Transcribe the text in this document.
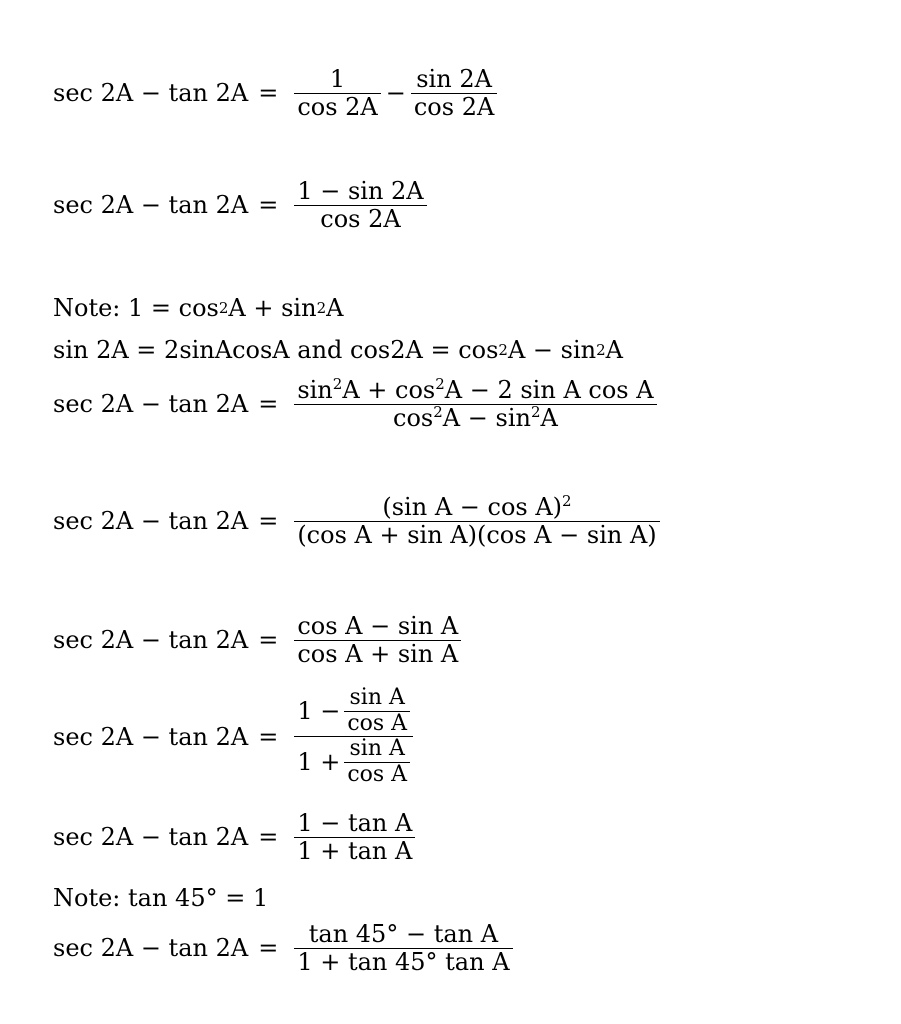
$\sec 2A - \tan 2A = \frac{1}{\cos 2A} - \frac{\sin 2A}{\cos 2A}$
$\sec 2A - \tan 2A = \frac{1 - \sin 2A}{\cos 2A}$
Note: 1 = cos 2 A + sin 2 A
sin 2A = 2sinAcosA and cos2A = cos 2 A − sin 2 A
$\sec 2A - \tan 2A = \frac{\sin^2A + \cos^2A - 2 \sin A \cos A}{\cos^2A - \sin^2A}$
$\sec 2A - \tan 2A = \frac{(\sin A - \cos A)^2}{\text{(cos A + sin A)(cos A − sin A)}}$
$\sec 2A - \tan 2A = \frac{\text{cos A − sin A}}{\text{cos A + sin A}}$
$\sec 2A - \tan 2A = \frac{1 - \frac{\text{sin A}}{\text{cos A}}}{1 + \frac{\text{sin A}}{\text{cos A}}}$
$\sec 2A - \tan 2A = \frac{\text{1 − tan A}}{\text{1 + tan A}}$
Note: tan 45° = 1
$\sec 2A - \tan 2A = \frac{\text{tan 45° − tan A}}{\text{1 + tan 45° tan A}}$
